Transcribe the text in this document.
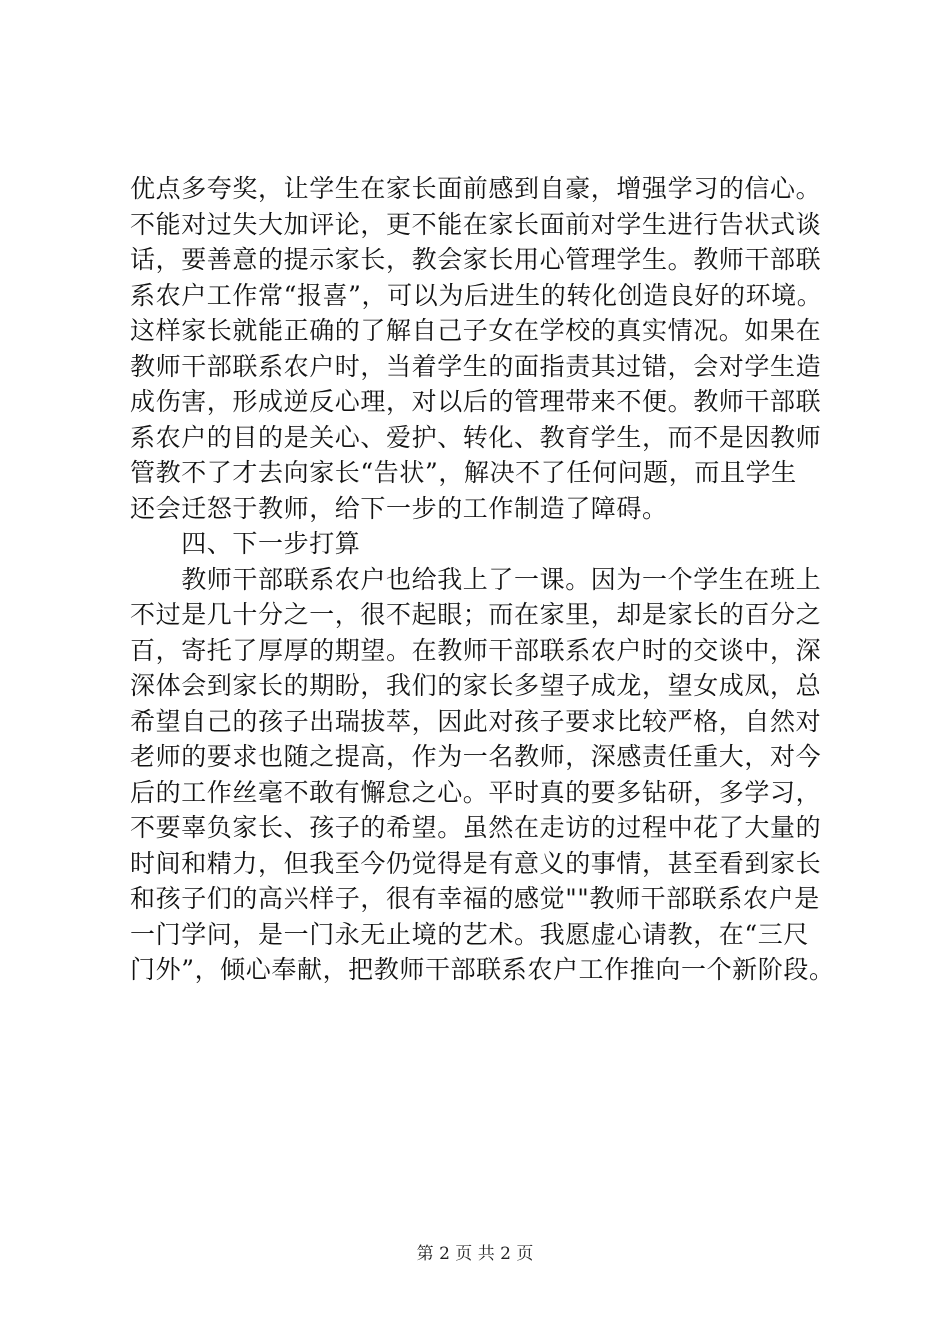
优点多夸奖，让学生在家长面前感到自豪，增强学习的信心。
不能对过失大加评论，更不能在家长面前对学生进行告状式谈
话，要善意的提示家长，教会家长用心管理学生。教师干部联
系农户工作常“报喜”，可以为后进生的转化创造良好的环境。
这样家长就能正确的了解自己子女在学校的真实情况。如果在
教师干部联系农户时，当着学生的面指责其过错，会对学生造
成伤害，形成逆反心理，对以后的管理带来不便。教师干部联
系农户的目的是关心、爱护、转化、教育学生，而不是因教师
管教不了才去向家长“告状”，解决不了任何问题，而且学生
还会迁怒于教师，给下一步的工作制造了障碍。
　　四、下一步打算
　　教师干部联系农户也给我上了一课。因为一个学生在班上
不过是几十分之一，很不起眼；而在家里，却是家长的百分之
百，寄托了厚厚的期望。在教师干部联系农户时的交谈中，深
深体会到家长的期盼，我们的家长多望子成龙，望女成凤，总
希望自己的孩子出瑞拔萃，因此对孩子要求比较严格，自然对
老师的要求也随之提高，作为一名教师，深感责任重大，对今
后的工作丝毫不敢有懈怠之心。平时真的要多钻研，多学习，
不要辜负家长、孩子的希望。虽然在走访的过程中花了大量的
时间和精力，但我至今仍觉得是有意义的事情，甚至看到家长
和孩子们的高兴样子，很有幸福的感觉""教师干部联系农户是
一门学问，是一门永无止境的艺术。我愿虚心请教，在“三尺
门外”，倾心奉献，把教师干部联系农户工作推向一个新阶段。
第 2 页 共 2 页
